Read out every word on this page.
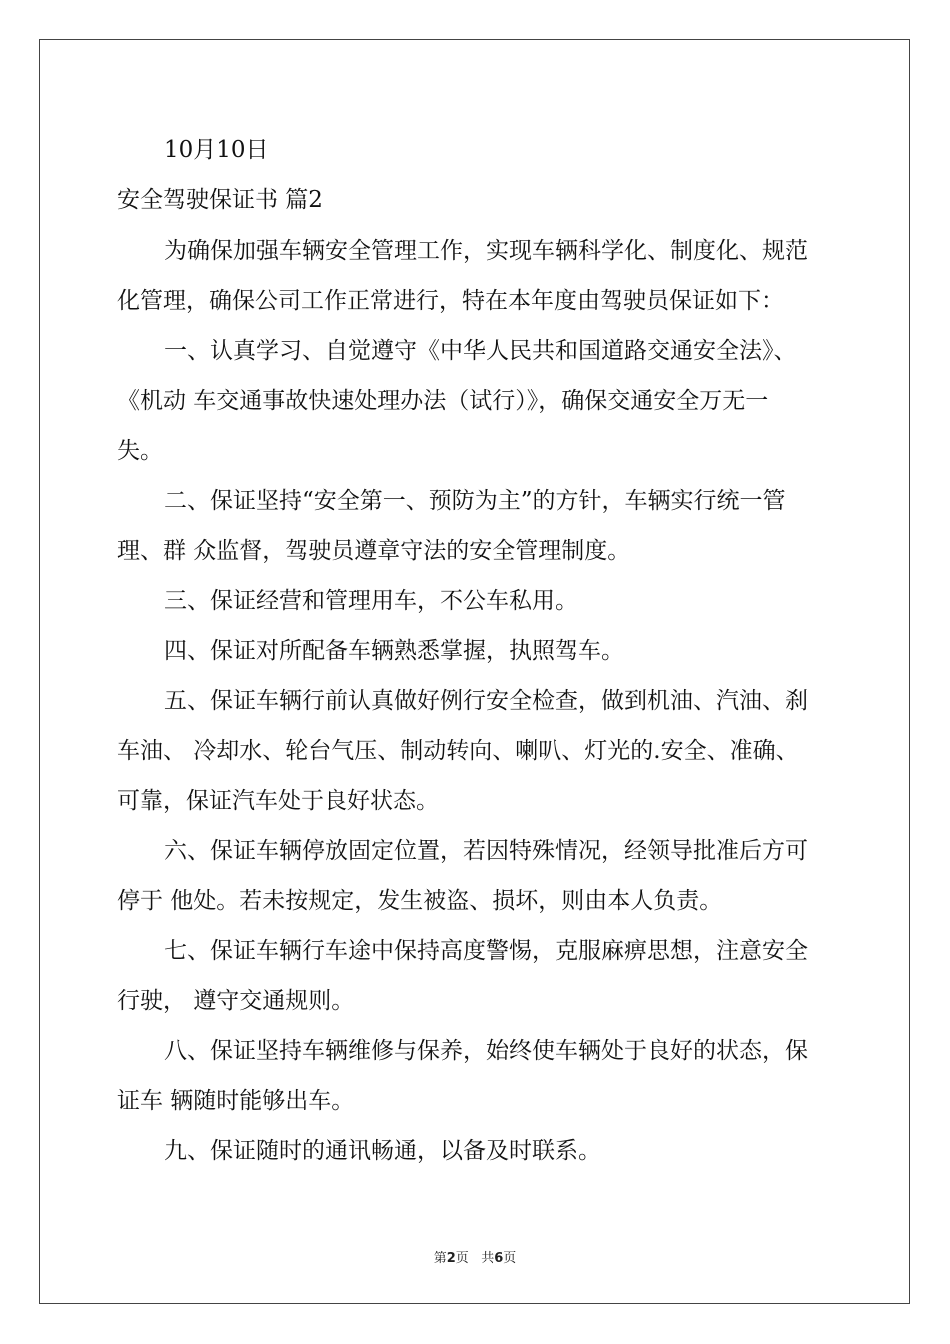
10月10日
安全驾驶保证书 篇2
为确保加强车辆安全管理工作，实现车辆科学化、制度化、规范
化管理，确保公司工作正常进行，特在本年度由驾驶员保证如下：
一、认真学习、自觉遵守《中华人民共和国道路交通安全法》、
《机动 车交通事故快速处理办法（试行）》，确保交通安全万无一
失。
二、保证坚持“安全第一、预防为主”的方针，车辆实行统一管
理、群 众监督，驾驶员遵章守法的安全管理制度。
三、保证经营和管理用车，不公车私用。
四、保证对所配备车辆熟悉掌握，执照驾车。
五、保证车辆行前认真做好例行安全检查，做到机油、汽油、刹
车油、 冷却水、轮台气压、制动转向、喇叭、灯光的.安全、准确、
可靠，保证汽车处于良好状态。
六、保证车辆停放固定位置，若因特殊情况，经领导批准后方可
停于 他处。若未按规定，发生被盗、损坏，则由本人负责。
七、保证车辆行车途中保持高度警惕，克服麻痹思想，注意安全
行驶， 遵守交通规则。
八、保证坚持车辆维修与保养，始终使车辆处于良好的状态，保
证车 辆随时能够出车。
九、保证随时的通讯畅通，以备及时联系。
第2页 共6页
